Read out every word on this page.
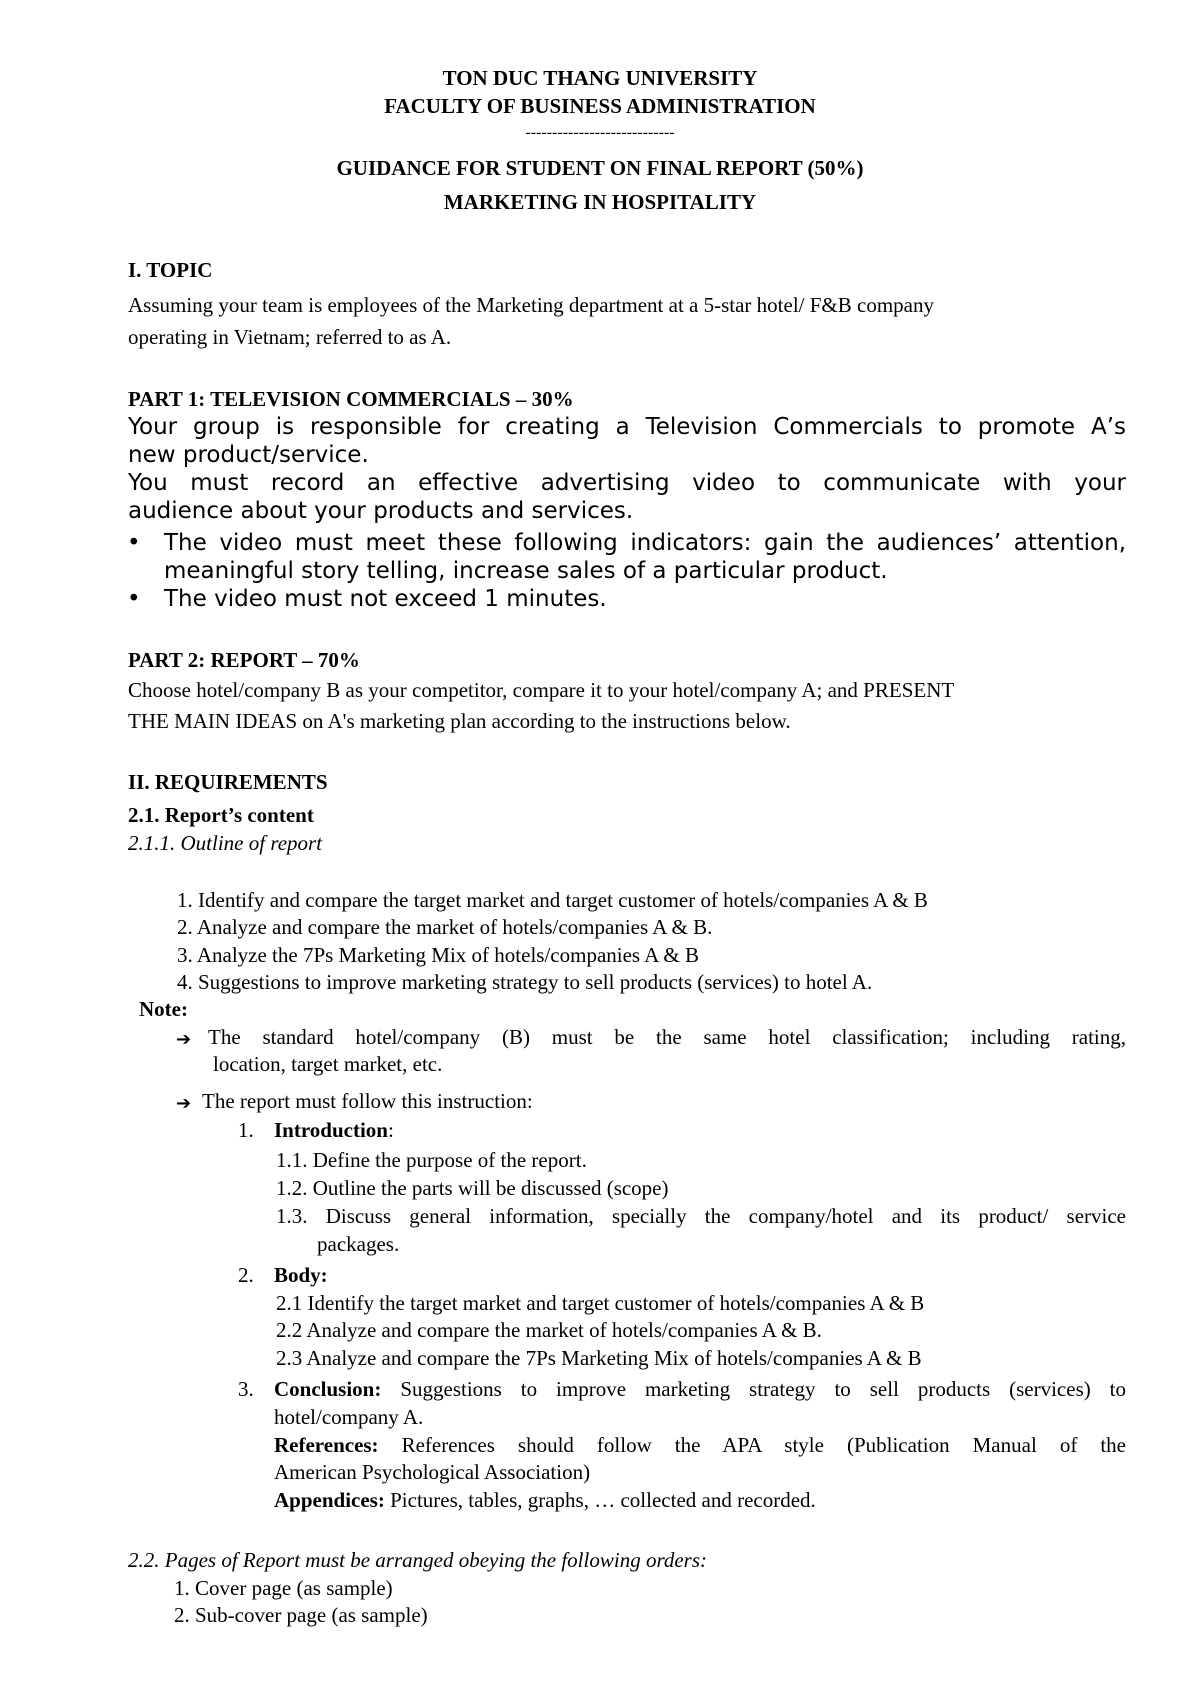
TON DUC THANG UNIVERSITY
FACULTY OF BUSINESS ADMINISTRATION
----------------------------
GUIDANCE FOR STUDENT ON FINAL REPORT (50%)
MARKETING IN HOSPITALITY
I. TOPIC
Assuming your team is employees of the Marketing department at a 5-star hotel/ F&B company
operating in Vietnam; referred to as A.
PART 1: TELEVISION COMMERCIALS – 30%
Your group is responsible for creating a Television Commercials to promote A’s
new product/service.
You must record an effective advertising video to communicate with your
audience about your products and services.
• The video must meet these following indicators: gain the audiences’ attention,
meaningful story telling, increase sales of a particular product.
• The video must not exceed 1 minutes.
PART 2: REPORT – 70%
Choose hotel/company B as your competitor, compare it to your hotel/company A; and PRESENT
THE MAIN IDEAS on A's marketing plan according to the instructions below.
II. REQUIREMENTS
2.1. Report’s content
2.1.1. Outline of report
1. Identify and compare the target market and target customer of hotels/companies A & B
2. Analyze and compare the market of hotels/companies A & B.
3. Analyze the 7Ps Marketing Mix of hotels/companies A & B
4. Suggestions to improve marketing strategy to sell products (services) to hotel A.
Note:
➔ The standard hotel/company (B) must be the same hotel classification; including rating,
location, target market, etc.
➔ The report must follow this instruction:
1. Introduction:
1.1. Define the purpose of the report.
1.2. Outline the parts will be discussed (scope)
1.3. Discuss general information, specially the company/hotel and its product/ service
packages.
2. Body:
2.1 Identify the target market and target customer of hotels/companies A & B
2.2 Analyze and compare the market of hotels/companies A & B.
2.3 Analyze and compare the 7Ps Marketing Mix of hotels/companies A & B
3. Conclusion: Suggestions to improve marketing strategy to sell products (services) to
hotel/company A.
References: References should follow the APA style (Publication Manual of the
American Psychological Association)
Appendices: Pictures, tables, graphs, … collected and recorded.
2.2. Pages of Report must be arranged obeying the following orders:
1. Cover page (as sample)
2. Sub-cover page (as sample)
